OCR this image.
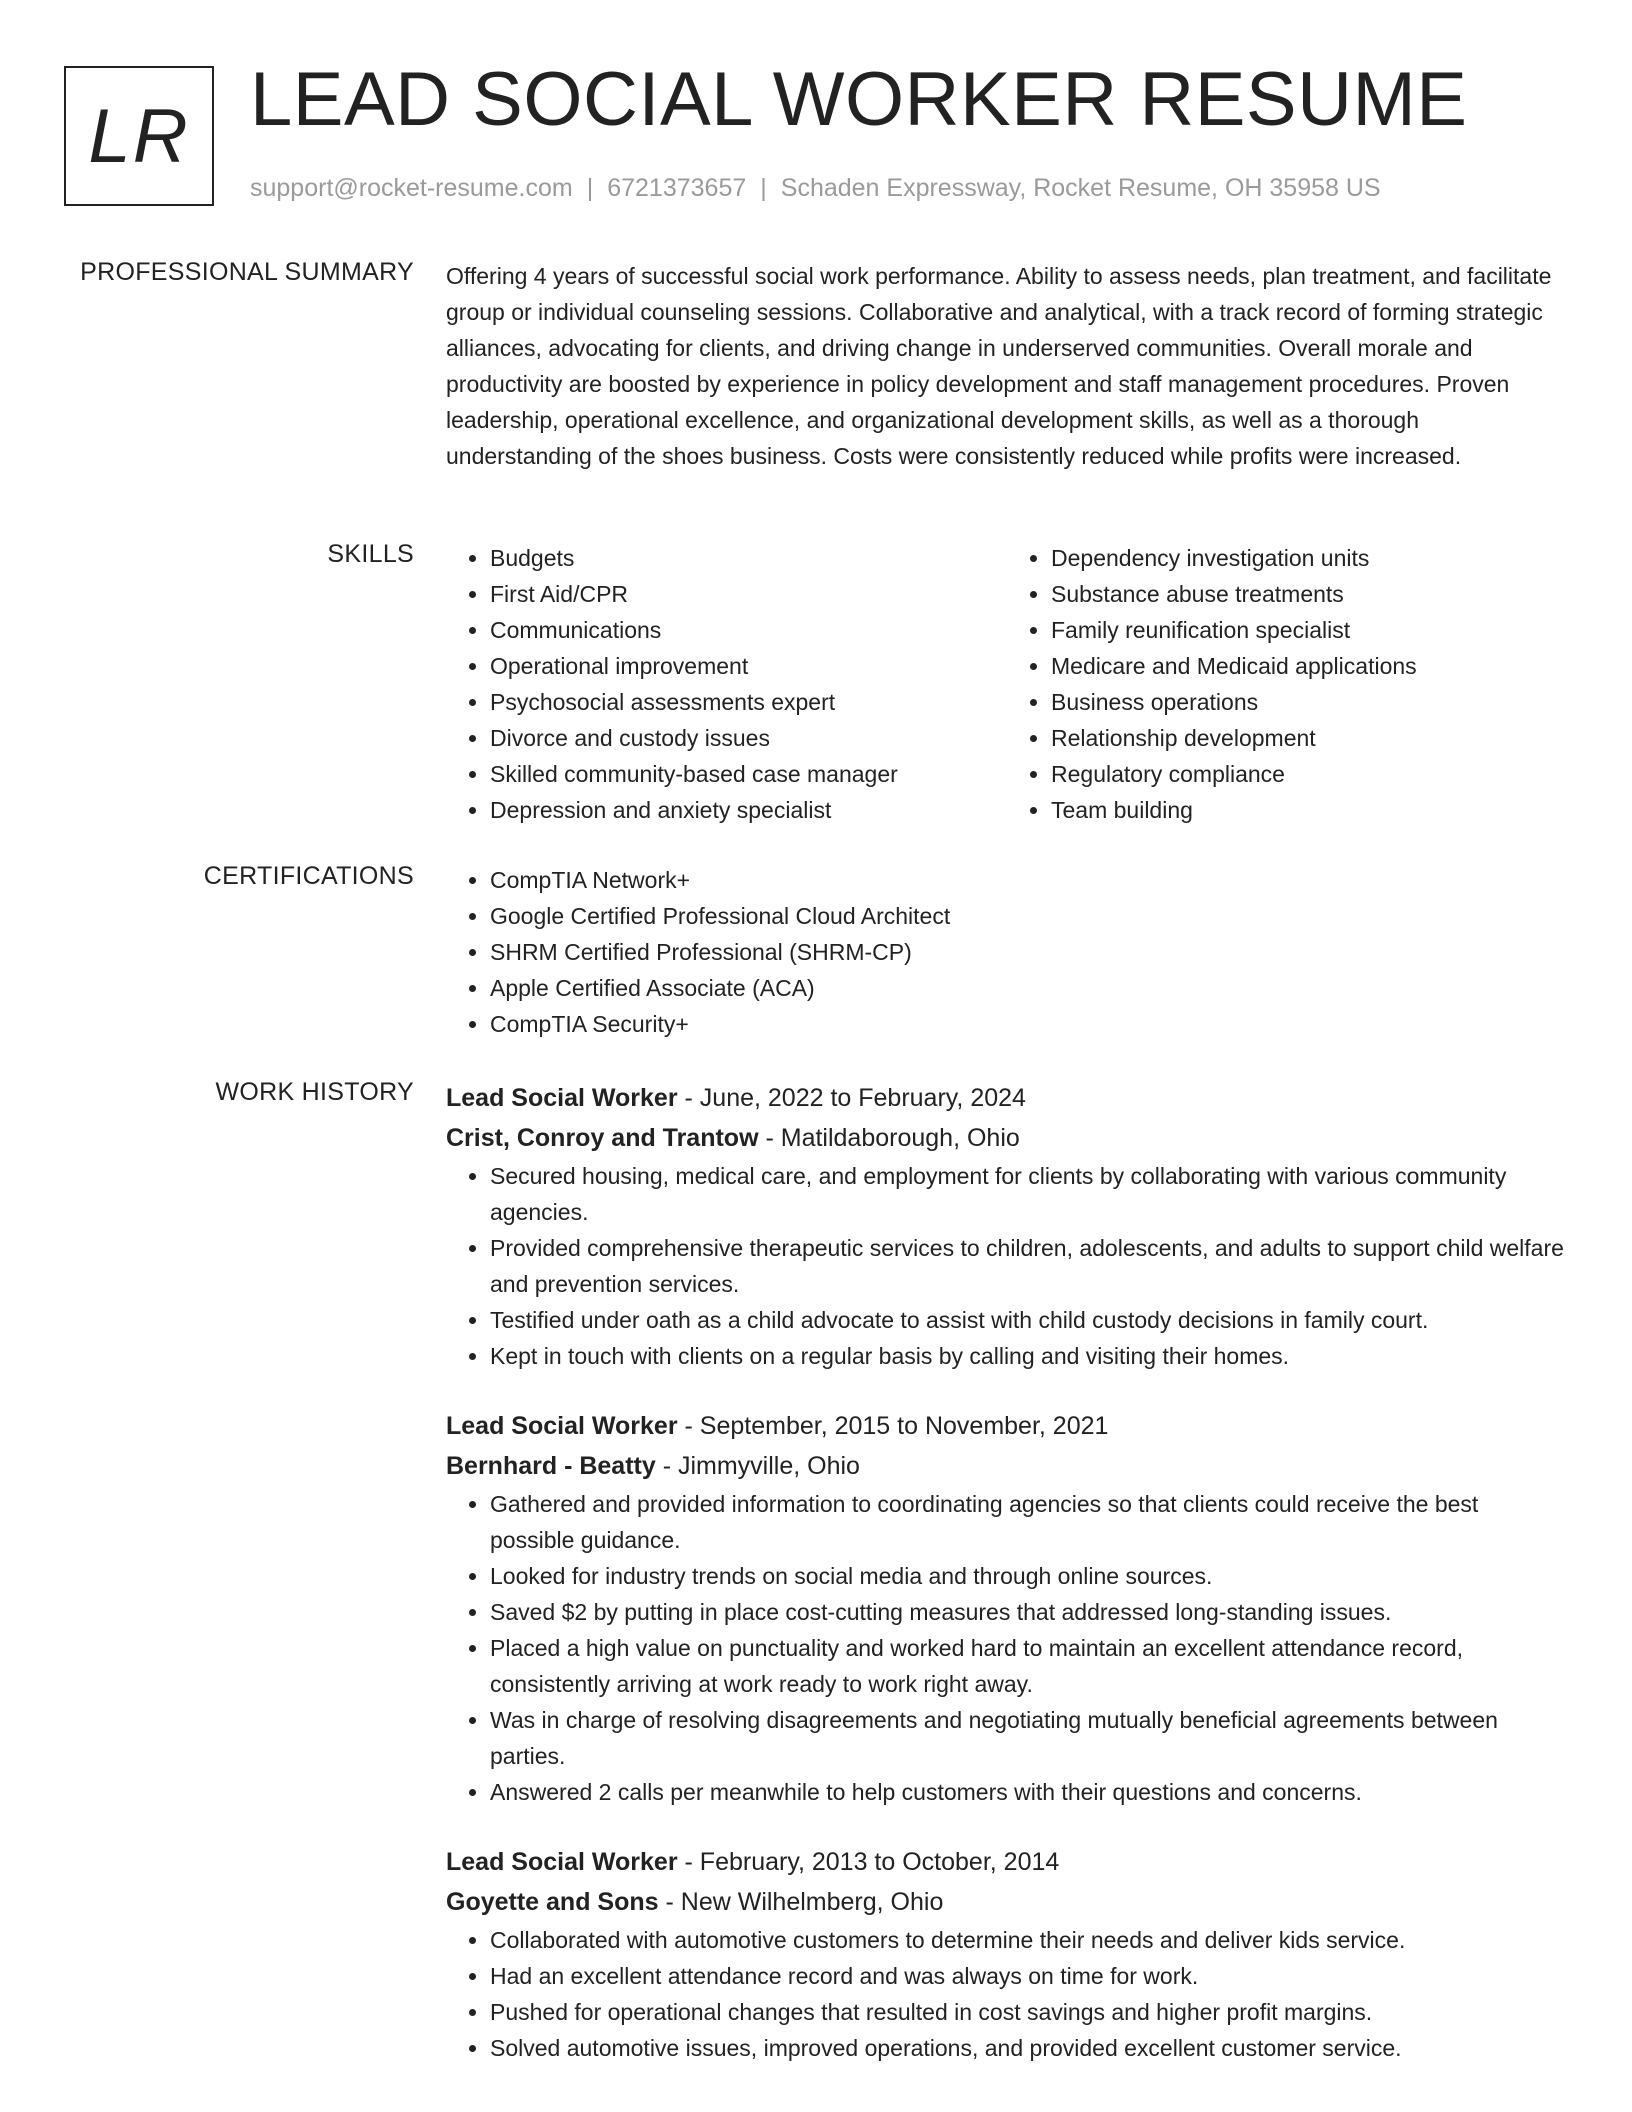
LR LEAD SOCIAL WORKER RESUME
support@rocket-resume.com | 6721373657 | Schaden Expressway, Rocket Resume, OH 35958 US
PROFESSIONAL SUMMARY Offering 4 years of successful social work performance. Ability to assess needs, plan treatment, and facilitate group or individual counseling sessions. Collaborative and analytical, with a track record of forming strategic alliances, advocating for clients, and driving change in underserved communities. Overall morale and productivity are boosted by experience in policy development and staff management procedures. Proven leadership, operational excellence, and organizational development skills, as well as a thorough understanding of the shoes business. Costs were consistently reduced while profits were increased.

SKILLS	• Budgets
• First Aid/CPR
• Communications
• Operational improvement
• Psychosocial assessments expert
• Divorce and custody issues
• Skilled community-based case manager
• Depression and anxiety specialist
• Dependency investigation units
• Substance abuse treatments
• Family reunification specialist
• Medicare and Medicaid applications
• Business operations
• Relationship development
• Regulatory compliance
• Team building
CERTIFICATIONS	• CompTIA Network+
• Google Certified Professional Cloud Architect
• SHRM Certified Professional (SHRM-CP)
• Apple Certified Associate (ACA)
• CompTIA Security+
WORK HISTORY Lead Social Worker - June, 2022 to February, 2024
Crist, Conroy and Trantow - Matildaborough, Ohio
• Secured housing, medical care, and employment for clients by collaborating with various community agencies.
• Provided comprehensive therapeutic services to children, adolescents, and adults to support child welfare and prevention services.
• Testified under oath as a child advocate to assist with child custody decisions in family court.
• Kept in touch with clients on a regular basis by calling and visiting their homes.
Lead Social Worker - September, 2015 to November, 2021
Bernhard - Beatty - Jimmyville, Ohio
• Gathered and provided information to coordinating agencies so that clients could receive the best possible guidance.
• Looked for industry trends on social media and through online sources.
• Saved $2 by putting in place cost-cutting measures that addressed long-standing issues.
• Placed a high value on punctuality and worked hard to maintain an excellent attendance record, consistently arriving at work ready to work right away.
• Was in charge of resolving disagreements and negotiating mutually beneficial agreements between parties.
• Answered 2 calls per meanwhile to help customers with their questions and concerns.
Lead Social Worker - February, 2013 to October, 2014
Goyette and Sons - New Wilhelmberg, Ohio
• Collaborated with automotive customers to determine their needs and deliver kids service.
• Had an excellent attendance record and was always on time for work.
• Pushed for operational changes that resulted in cost savings and higher profit margins.
• Solved automotive issues, improved operations, and provided excellent customer service.
